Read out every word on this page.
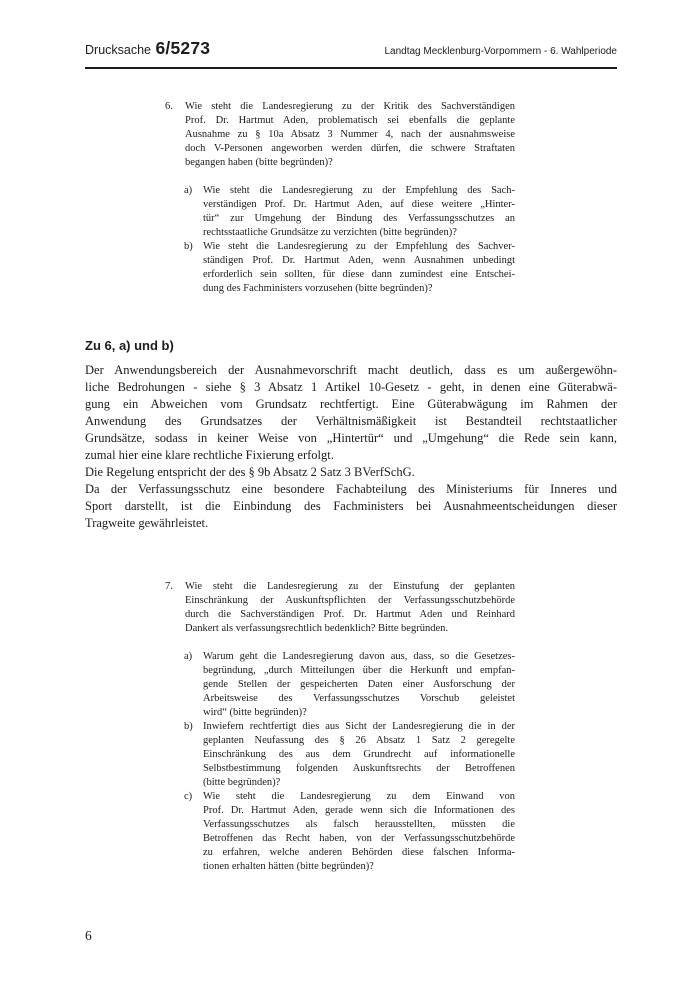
Drucksache 6/5273	Landtag Mecklenburg-Vorpommern - 6. Wahlperiode
6.	Wie steht die Landesregierung zu der Kritik des Sachverständigen
Prof. Dr. Hartmut Aden, problematisch sei ebenfalls die geplante
Ausnahme zu § 10a Absatz 3 Nummer 4, nach der ausnahmsweise
doch V-Personen angeworben werden dürfen, die schwere Straftaten
begangen haben (bitte begründen)?
a)	Wie steht die Landesregierung zu der Empfehlung des Sach-
verständigen Prof. Dr. Hartmut Aden, auf diese weitere „Hinter-
tür“ zur Umgehung der Bindung des Verfassungsschutzes an
rechtsstaatliche Grundsätze zu verzichten (bitte begründen)?
b) Wie steht die Landesregierung zu der Empfehlung des Sachver-
ständigen Prof. Dr. Hartmut Aden, wenn Ausnahmen unbedingt
erforderlich sein sollten, für diese dann zumindest eine Entschei-
dung des Fachministers vorzusehen (bitte begründen)?
Zu 6, a) und b)
Der Anwendungsbereich der Ausnahmevorschrift macht deutlich, dass es um außergewöhn-
liche Bedrohungen - siehe § 3 Absatz 1 Artikel 10-Gesetz - geht, in denen eine Güterabwä-
gung ein Abweichen vom Grundsatz rechtfertigt. Eine Güterabwägung im Rahmen der
Anwendung des Grundsatzes der Verhältnismäßigkeit ist Bestandteil rechtstaatlicher
Grundsätze, sodass in keiner Weise von „Hintertür“ und „Umgehung“ die Rede sein kann,
zumal hier eine klare rechtliche Fixierung erfolgt.
Die Regelung entspricht der des § 9b Absatz 2 Satz 3 BVerfSchG.
Da der Verfassungsschutz eine besondere Fachabteilung des Ministeriums für Inneres und
Sport darstellt, ist die Einbindung des Fachministers bei Ausnahmeentscheidungen dieser
Tragweite gewährleistet.
7.	Wie steht die Landesregierung zu der Einstufung der geplanten
Einschränkung der Auskunftspflichten der Verfassungsschutzbehörde
durch die Sachverständigen Prof. Dr. Hartmut Aden und Reinhard
Dankert als verfassungsrechtlich bedenklich? Bitte begründen.
a)	Warum geht die Landesregierung davon aus, dass, so die Gesetzes-
begründung, „durch Mitteilungen über die Herkunft und empfan-
gende Stellen der gespeicherten Daten einer Ausforschung der
Arbeitsweise des Verfassungsschutzes Vorschub geleistet
wird“ (bitte begründen)?
b) Inwiefern rechtfertigt dies aus Sicht der Landesregierung die in der
geplanten Neufassung des § 26 Absatz 1 Satz 2 geregelte
Einschränkung des aus dem Grundrecht auf informationelle
Selbstbestimmung folgenden Auskunftsrechts der Betroffenen
(bitte begründen)?
c)	Wie steht die Landesregierung zu dem Einwand von
Prof. Dr. Hartmut Aden, gerade wenn sich die Informationen des
Verfassungsschutzes als falsch herausstellten, müssten die
Betroffenen das Recht haben, von der Verfassungsschutzbehörde
zu erfahren, welche anderen Behörden diese falschen Informa-
tionen erhalten hätten (bitte begründen)?
6
